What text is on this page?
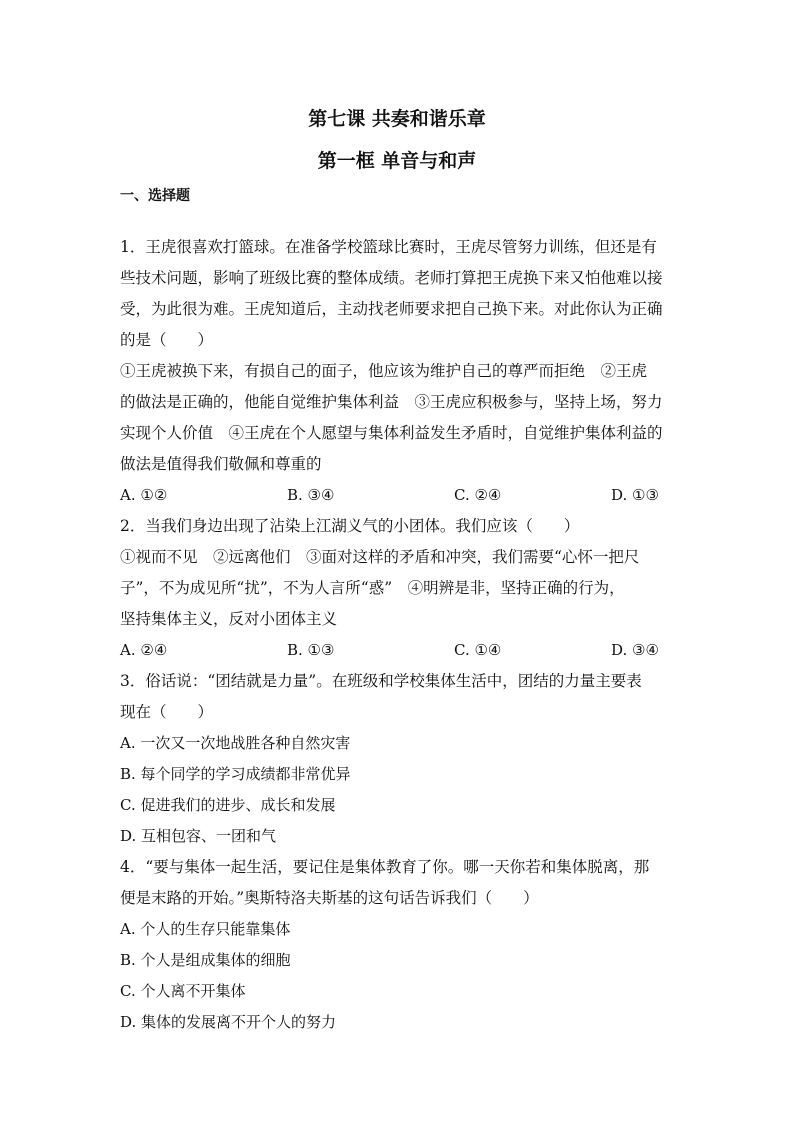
第七课 共奏和谐乐章
第一框 单音与和声
一、选择题
1．王虎很喜欢打篮球。在准备学校篮球比赛时，王虎尽管努力训练，但还是有
些技术问题，影响了班级比赛的整体成绩。老师打算把王虎换下来又怕他难以接
受，为此很为难。王虎知道后，主动找老师要求把自己换下来。对此你认为正确
的是（　　）
①王虎被换下来，有损自己的面子，他应该为维护自己的尊严而拒绝　②王虎
的做法是正确的，他能自觉维护集体利益　③王虎应积极参与，坚持上场，努力
实现个人价值　④王虎在个人愿望与集体利益发生矛盾时，自觉维护集体利益的
做法是值得我们敬佩和尊重的
A. ①②	B. ③④	C. ②④	D. ①③
2．当我们身边出现了沾染上江湖义气的小团体。我们应该（　　）
①视而不见　②远离他们　③面对这样的矛盾和冲突，我们需要“心怀一把尺
子”，不为成见所“扰”，不为人言所“惑”　④明辨是非，坚持正确的行为，
坚持集体主义，反对小团体主义
A. ②④	B. ①③	C. ①④	D. ③④
3．俗话说：“团结就是力量”。在班级和学校集体生活中，团结的力量主要表
现在（　　）
A. 一次又一次地战胜各种自然灾害
B. 每个同学的学习成绩都非常优异
C. 促进我们的进步、成长和发展
D. 互相包容、一团和气
4．“要与集体一起生活，要记住是集体教育了你。哪一天你若和集体脱离，那
便是末路的开始。”奥斯特洛夫斯基的这句话告诉我们（　　）
A. 个人的生存只能靠集体
B. 个人是组成集体的细胞
C. 个人离不开集体
D. 集体的发展离不开个人的努力
